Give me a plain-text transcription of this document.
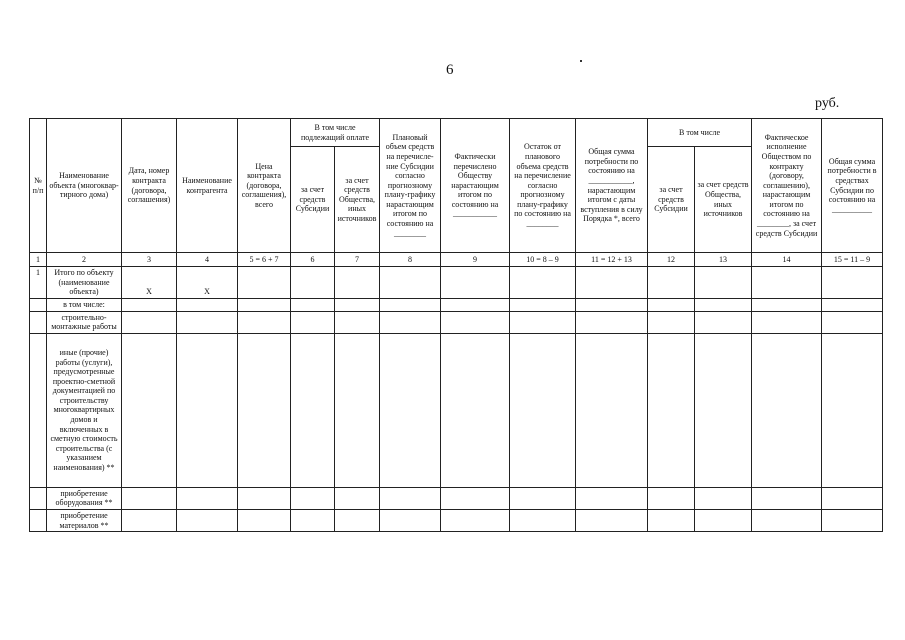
6
руб.
№ п/п	Наименование объекта (многоквар-тирного дома)	Дата, номер контракта (договора, соглашения)	Наименование контрагента	Цена контракта (договора, соглашения), всего	В том числе подлежащий оплате		Плановый объем средств на перечисле-ние Субсидии согласно прогнозному плану-графику нарастающим итогом по состоянию на ________	Фактически перечислено Обществу нарастающим итогом по состоянию на ___________	Остаток от планового объема средств на перечисление согласно прогнозному плану-графику по состоянию на ________	Общая сумма потребности по состоянию на ___________, нарастающим итогом с даты вступления в силу Порядка *, всего	В том числе		Фактическое исполнение Обществом по контракту (договору, соглашению), нарастающим итогом по состоянию на ________, за счет средств Субсидии	Общая сумма потребности в средствах Субсидии по состоянию на __________
					за счет средств Субсидии	за счет средств Общества, иных источников					за счет средств Субсидии	за счет средств Общества, иных источников		
1	2	3	4	5 = 6 + 7	6	7	8	9	10 = 8 – 9	11 = 12 + 13	12	13	14	15 = 11 – 9
1	Итого по объекту (наименование объекта)	X	X											
	в том числе:													
	строительно-монтажные работы													
	иные (прочие) работы (услуги), предусмотренные проектно-сметной документацией по строительству многоквартирных домов и включенных в сметную стоимость строительства (с указанием наименования) **													
	приобретение оборудования **													
	приобретение материалов **													
